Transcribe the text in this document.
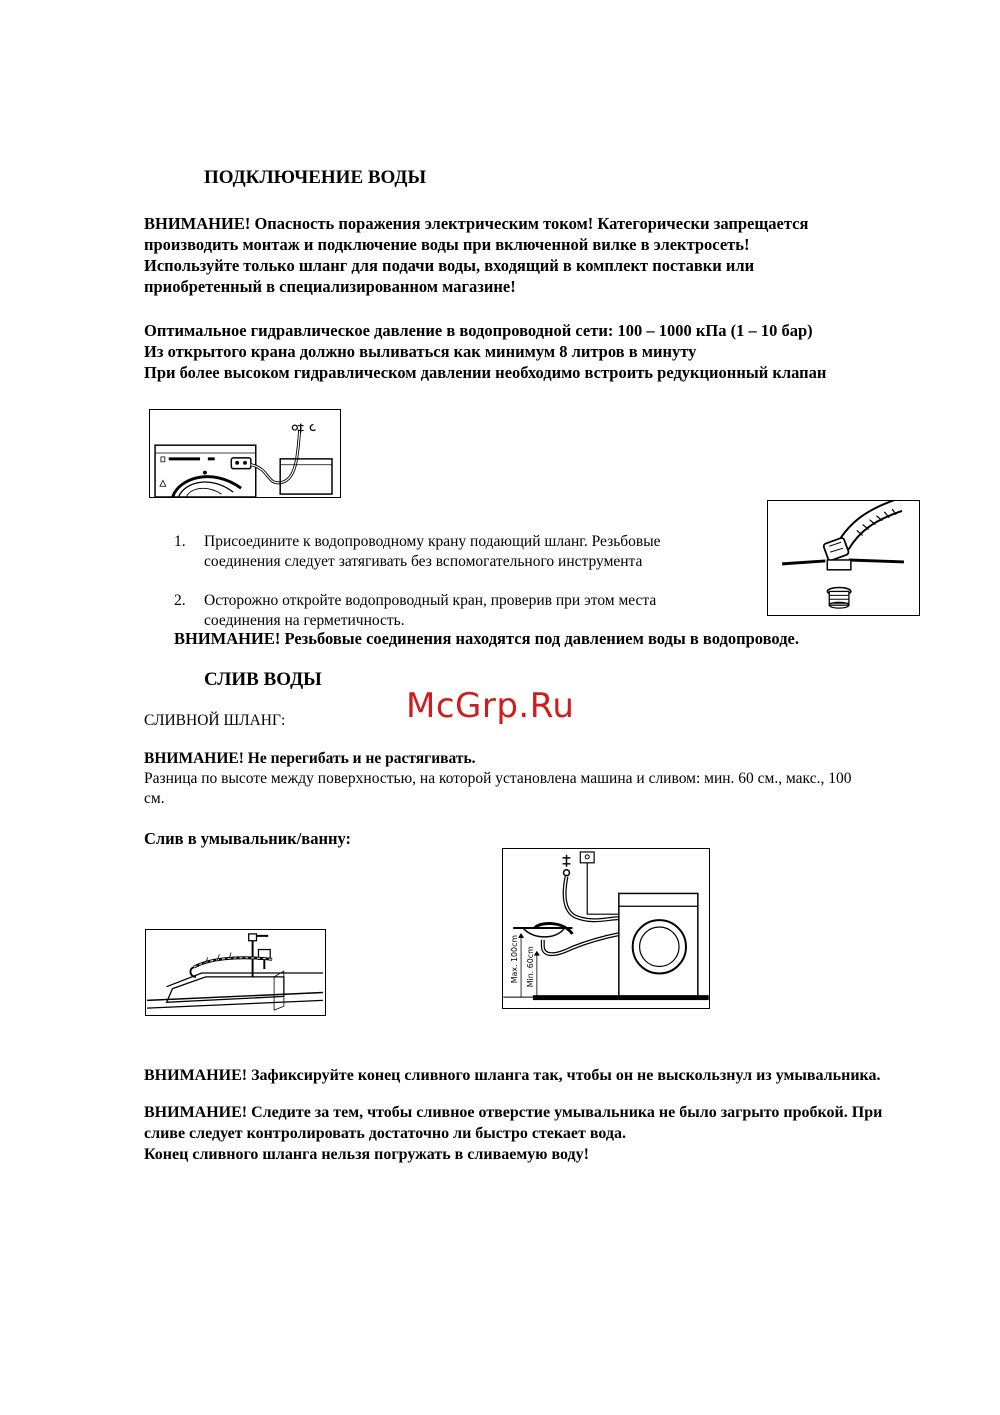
ПОДКЛЮЧЕНИЕ ВОДЫ
ВНИМАНИЕ! Опасность поражения электрическим током! Категорически запрещается
производить монтаж и подключение воды при включенной вилке в электросеть!
Используйте только шланг для подачи воды, входящий в комплект поставки или
приобретенный в специализированном магазине!
Оптимальное гидравлическое давление в водопроводной сети: 100 – 1000 кПа (1 – 10 бар)
Из открытого крана должно выливаться как минимум 8 литров в минуту
При более высоком гидравлическом давлении необходимо встроить редукционный клапан
1. Присоедините к водопроводному крану подающий шланг. Резьбовые
соединения следует затягивать без вспомогательного инструмента
2. Осторожно откройте водопроводный кран, проверив при этом места
соединения на герметичность.
ВНИМАНИЕ! Резьбовые соединения находятся под давлением воды в водопроводе.
СЛИВ ВОДЫ
McGrp.Ru
СЛИВНОЙ ШЛАНГ:
ВНИМАНИЕ! Не перегибать и не растягивать.
Разница по высоте между поверхностью, на которой установлена машина и сливом: мин. 60 см., макс., 100
см.
Слив в умывальник/ванну:
Max. 100cm Min. 60cm
ВНИМАНИЕ! Зафиксируйте конец сливного шланга так, чтобы он не выскользнул из умывальника.
ВНИМАНИЕ! Следите за тем, чтобы сливное отверстие умывальника не было загрыто пробкой. При
сливе следует контролировать достаточно ли быстро стекает вода.
Конец сливного шланга нельзя погружать в сливаемую воду!
